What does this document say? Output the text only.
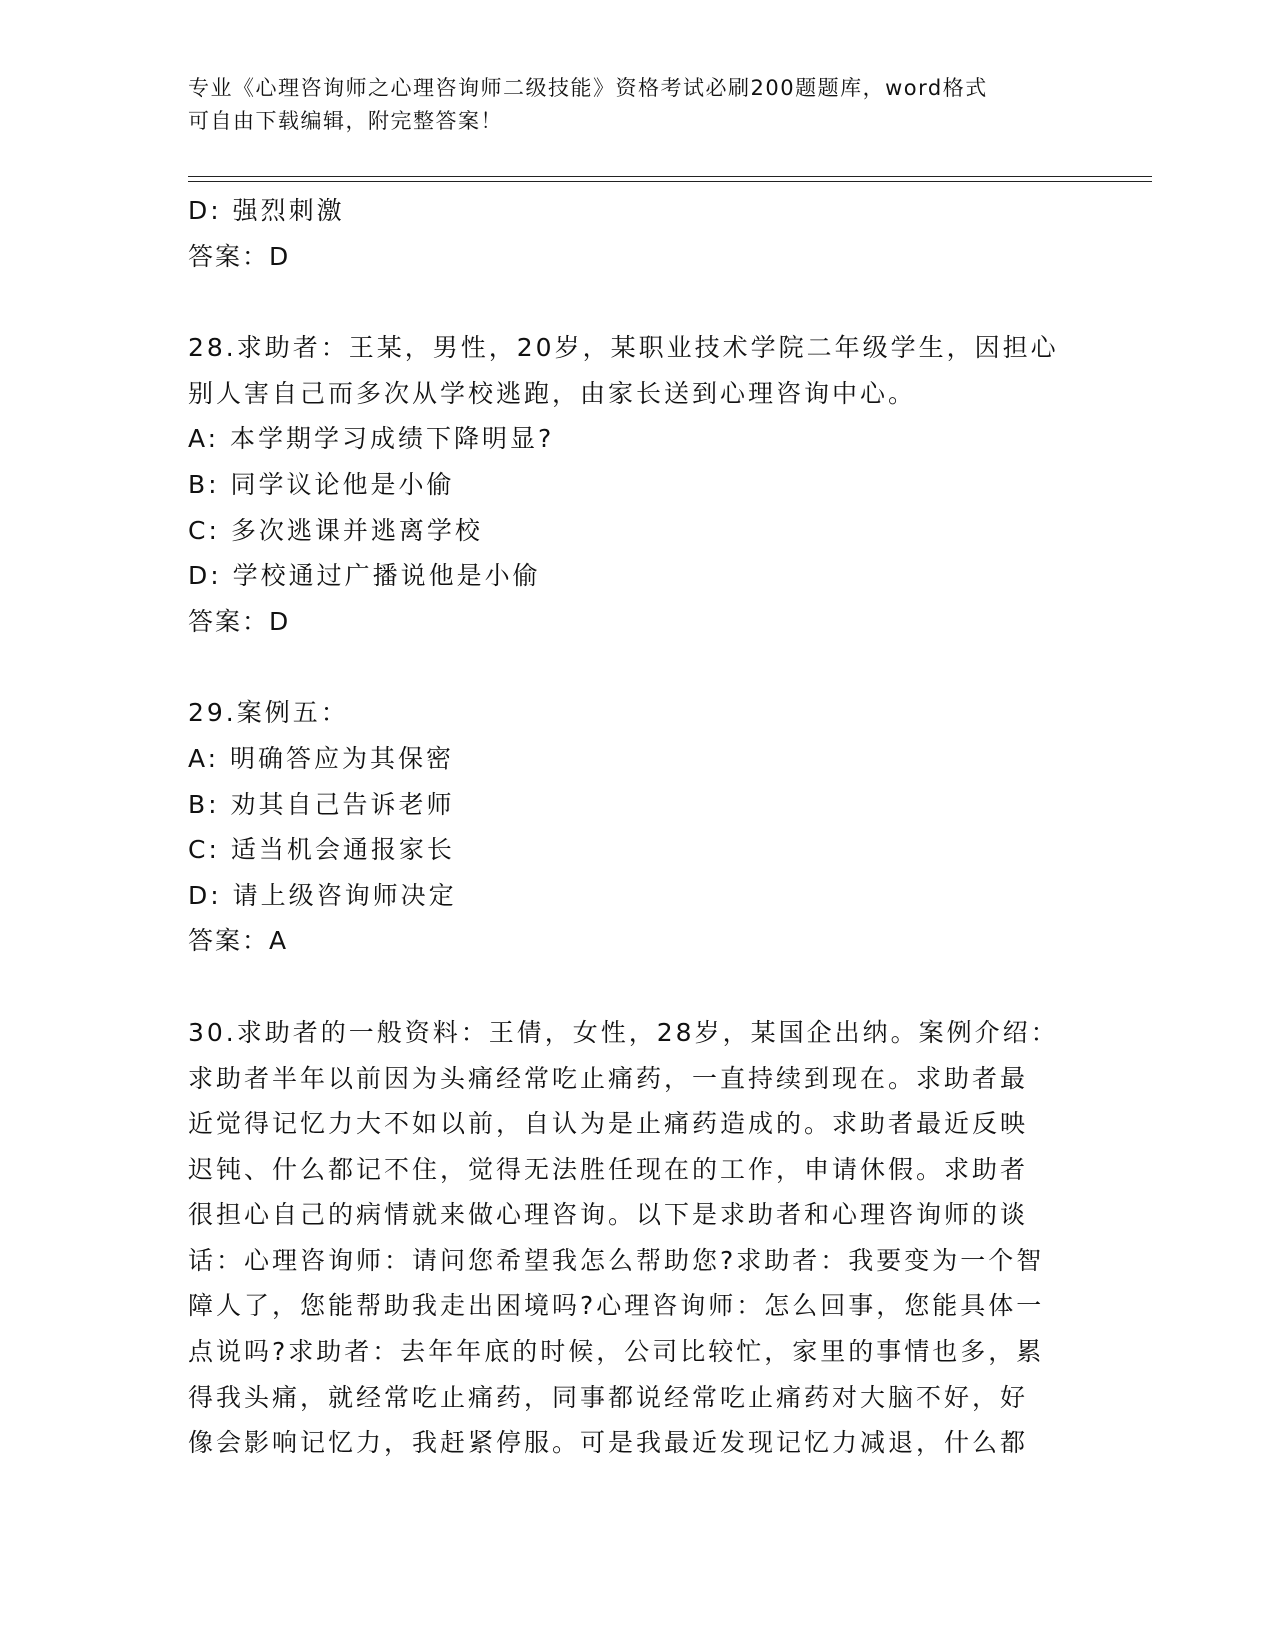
专业《心理咨询师之心理咨询师二级技能》资格考试必刷200题题库，word格式
可自由下载编辑，附完整答案！
D: 强烈刺激
答案：D
28.求助者：王某，男性，20岁，某职业技术学院二年级学生，因担心
别人害自己而多次从学校逃跑，由家长送到心理咨询中心。
A: 本学期学习成绩下降明显?
B: 同学议论他是小偷
C: 多次逃课并逃离学校
D: 学校通过广播说他是小偷
答案：D
29.案例五：
A: 明确答应为其保密
B: 劝其自己告诉老师
C: 适当机会通报家长
D: 请上级咨询师决定
答案：A
30.求助者的一般资料：王倩，女性，28岁，某国企出纳。案例介绍：
求助者半年以前因为头痛经常吃止痛药，一直持续到现在。求助者最
近觉得记忆力大不如以前，自认为是止痛药造成的。求助者最近反映
迟钝、什么都记不住，觉得无法胜任现在的工作，申请休假。求助者
很担心自己的病情就来做心理咨询。以下是求助者和心理咨询师的谈
话：心理咨询师：请问您希望我怎么帮助您?求助者：我要变为一个智
障人了，您能帮助我走出困境吗?心理咨询师：怎么回事，您能具体一
点说吗?求助者：去年年底的时候，公司比较忙，家里的事情也多，累
得我头痛，就经常吃止痛药，同事都说经常吃止痛药对大脑不好，好
像会影响记忆力，我赶紧停服。可是我最近发现记忆力减退，什么都
